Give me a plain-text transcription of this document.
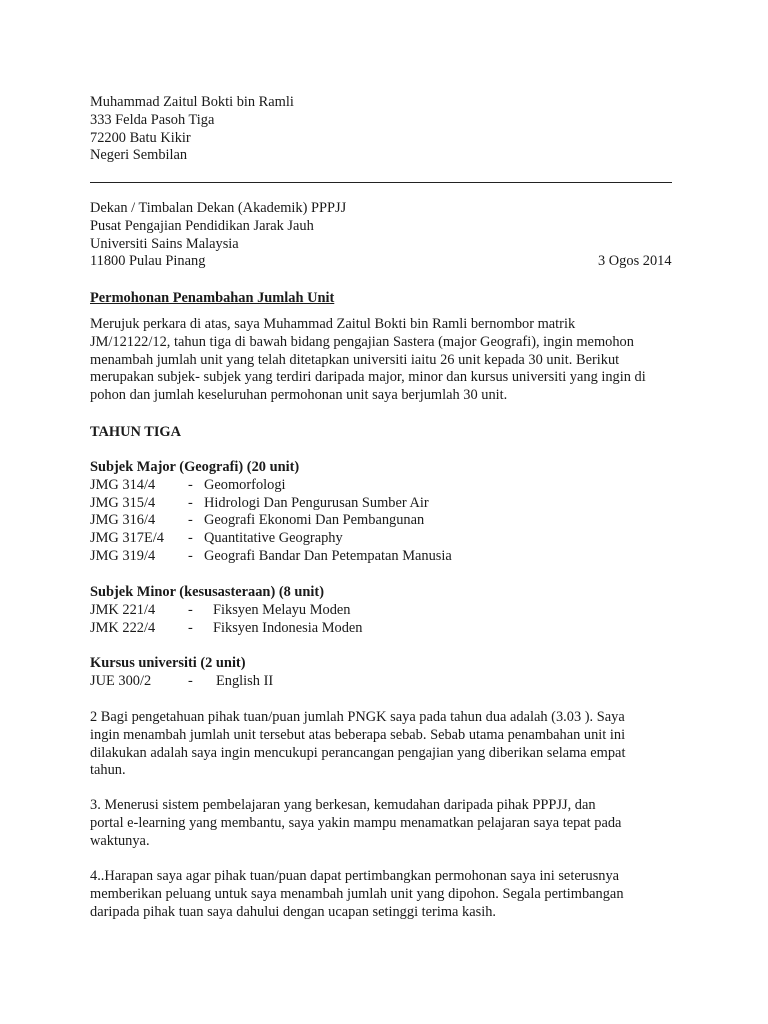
Muhammad Zaitul Bokti bin Ramli
333 Felda Pasoh Tiga
72200 Batu Kikir
Negeri Sembilan
Dekan / Timbalan Dekan (Akademik) PPPJJ
Pusat Pengajian Pendidikan Jarak Jauh
Universiti Sains Malaysia
11800 Pulau Pinang	3 Ogos 2014
Permohonan Penambahan Jumlah Unit
Merujuk perkara di atas, saya Muhammad Zaitul Bokti bin Ramli bernombor matrik
JM/12122/12, tahun tiga di bawah bidang pengajian Sastera (major Geografi), ingin memohon
menambah jumlah unit yang telah ditetapkan universiti iaitu 26 unit kepada 30 unit. Berikut
merupakan subjek- subjek yang terdiri daripada major, minor dan kursus universiti yang ingin di
pohon dan jumlah keseluruhan permohonan unit saya berjumlah 30 unit.
TAHUN TIGA
Subjek Major (Geografi) (20 unit)
JMG 314/4 - Geomorfologi
JMG 315/4 - Hidrologi Dan Pengurusan Sumber Air
JMG 316/4 - Geografi Ekonomi Dan Pembangunan
JMG 317E/4 - Quantitative Geography
JMG 319/4 - Geografi Bandar Dan Petempatan Manusia
Subjek Minor (kesusasteraan) (8 unit)
JMK 221/4 - Fiksyen Melayu Moden
JMK 222/4 - Fiksyen Indonesia Moden
Kursus universiti (2 unit)
JUE 300/2	- English II
2 Bagi pengetahuan pihak tuan/puan jumlah PNGK saya pada tahun dua adalah (3.03 ). Saya
ingin menambah jumlah unit tersebut atas beberapa sebab. Sebab utama penambahan unit ini
dilakukan adalah saya ingin mencukupi perancangan pengajian yang diberikan selama empat
tahun.
3. Menerusi sistem pembelajaran yang berkesan, kemudahan daripada pihak PPPJJ, dan
portal e-learning yang membantu, saya yakin mampu menamatkan pelajaran saya tepat pada
waktunya.
4..Harapan saya agar pihak tuan/puan dapat pertimbangkan permohonan saya ini seterusnya
memberikan peluang untuk saya menambah jumlah unit yang dipohon. Segala pertimbangan
daripada pihak tuan saya dahului dengan ucapan setinggi terima kasih.
